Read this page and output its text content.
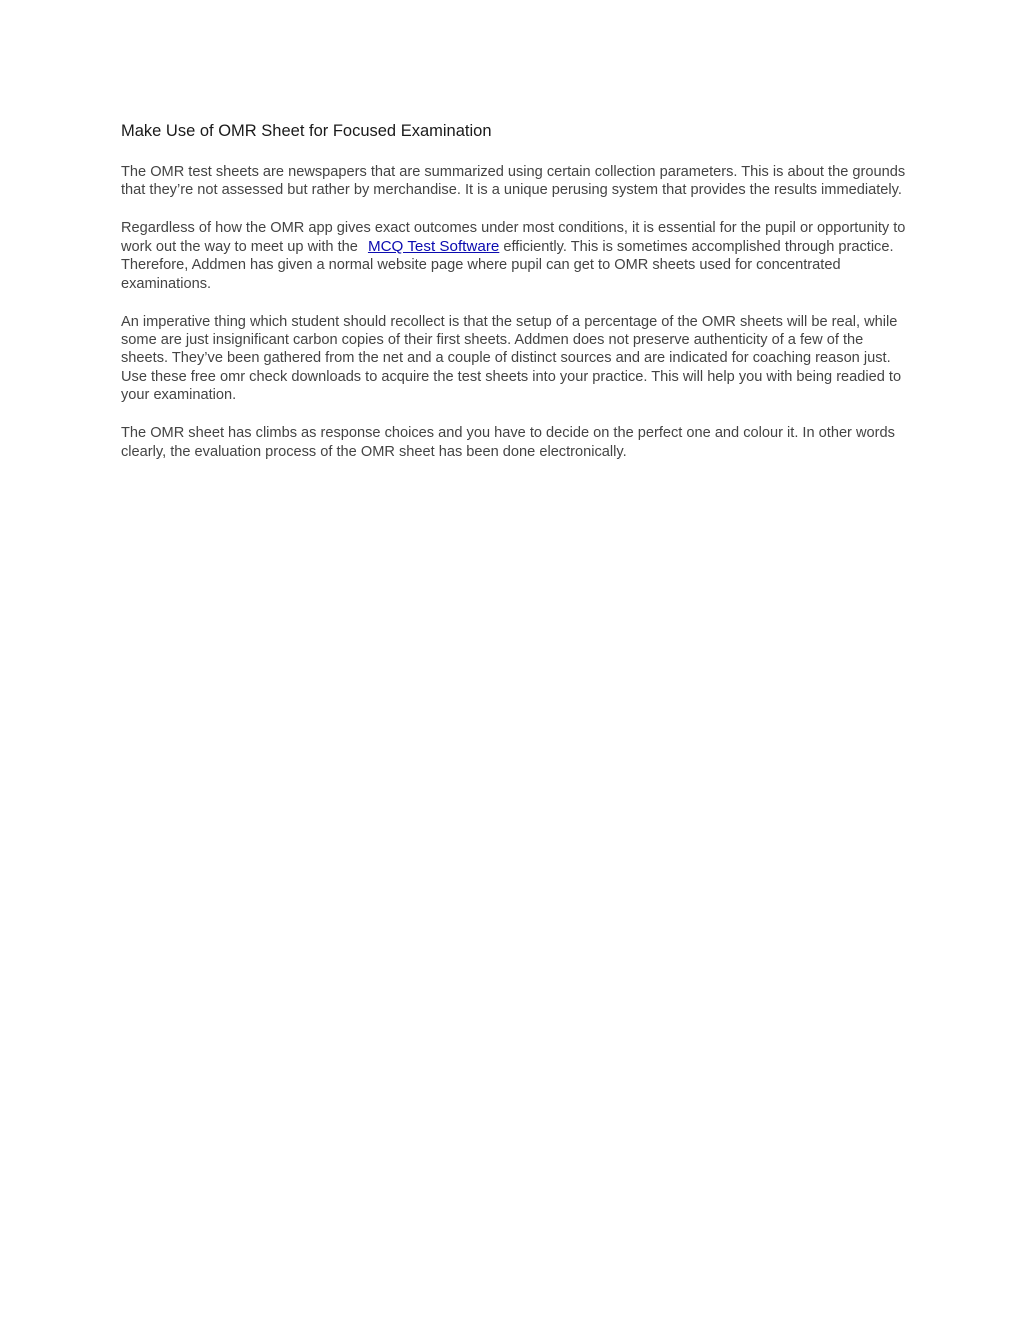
Make Use of OMR Sheet for Focused Examination

The OMR test sheets are newspapers that are summarized using certain collection parameters. This is about the grounds that they’re not assessed but rather by merchandise. It is a unique perusing system that provides the results immediately.

Regardless of how the OMR app gives exact outcomes under most conditions, it is essential for the pupil or opportunity to work out the way to meet up with the MCQ Test Software efficiently. This is sometimes accomplished through practice. Therefore, Addmen has given a normal website page where pupil can get to OMR sheets used for concentrated examinations.

An imperative thing which student should recollect is that the setup of a percentage of the OMR sheets will be real, while some are just insignificant carbon copies of their first sheets. Addmen does not preserve authenticity of a few of the sheets. They’ve been gathered from the net and a couple of distinct sources and are indicated for coaching reason just. Use these free omr check downloads to acquire the test sheets into your practice. This will help you with being readied to your examination.

The OMR sheet has climbs as response choices and you have to decide on the perfect one and colour it. In other words clearly, the evaluation process of the OMR sheet has been done electronically.
